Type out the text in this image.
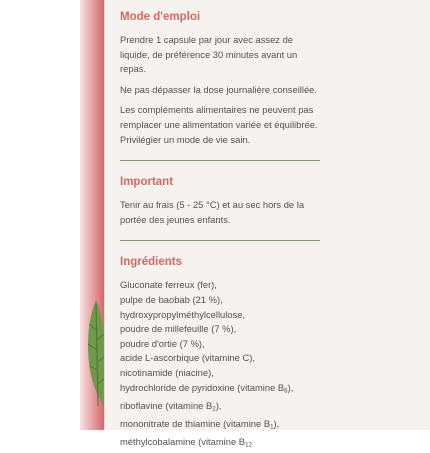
Mode d'emploi
Prendre 1 capsule par jour avec assez de liquide, de préférence 30 minutes avant un repas.
Ne pas dépasser la dose journalière conseillée.
Les compléments alimentaires ne peuvent pas remplacer une alimentation variée et équilibrée.
Privilégier un mode de vie sain.
Important
Tenir au frais (5 - 25 °C) et au sec hors de la portée des jeunes enfants.
Ingrédients
Gluconate ferreux (fer),
pulpe de baobab (21 %),
hydroxypropylméthylcellulose,
poudre de millefeuille (7 %),
poudre d'ortie (7 %),
acide L-ascorbique (vitamine C),
nicotinamide (niacine),
hydrochloride de pyridoxine (vitamine $B_6$),
riboflavine (vitamine $B_2$),
mononitrate de thiamine (vitamine $B_1$),
méthylcobalamine (vitamine $B_{12}$
